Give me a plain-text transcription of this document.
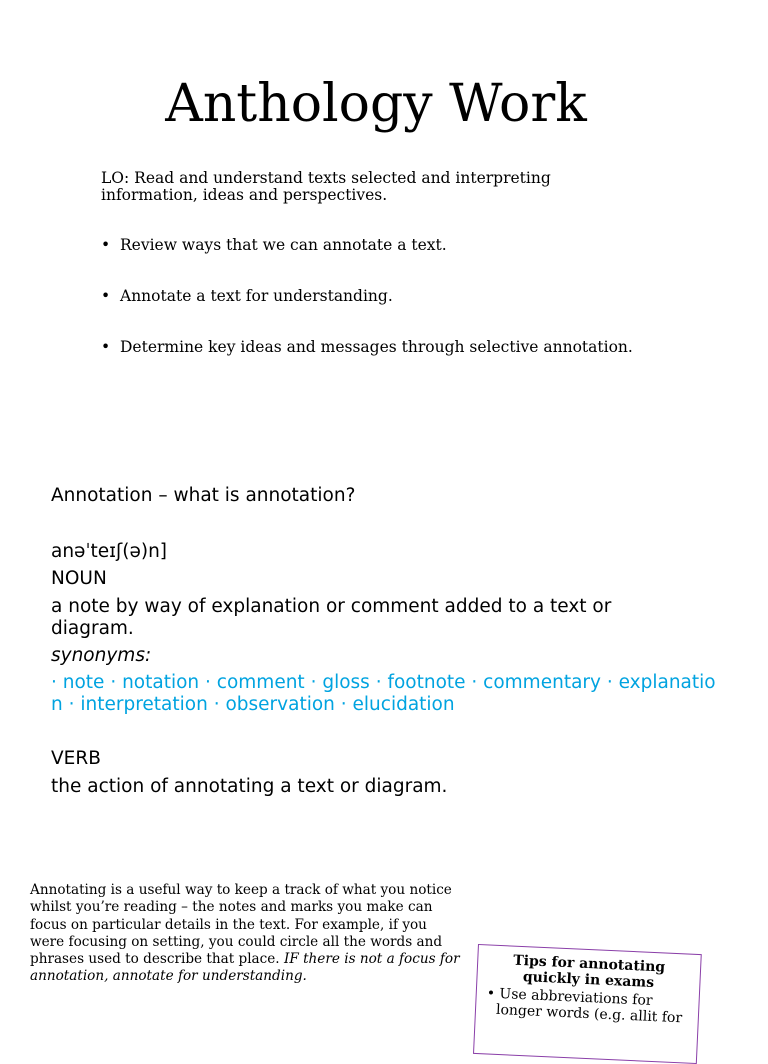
Anthology Work
LO: Read and understand texts selected and interpreting information, ideas and perspectives.
• Review ways that we can annotate a text.
• Annotate a text for understanding.
• Determine key ideas and messages through selective annotation.
Annotation – what is annotation?
anəˈteɪʃ(ə)n]
NOUN
a note by way of explanation or comment added to a text or diagram.
synonyms:
· note · notation · comment · gloss · footnote · commentary · explanation · interpretation · observation · elucidation
VERB
the action of annotating a text or diagram.
Annotating is a useful way to keep a track of what you notice whilst you’re reading – the notes and marks you make can focus on particular details in the text. For example, if you were focusing on setting, you could circle all the words and phrases used to describe that place. IF there is not a focus for annotation, annotate for understanding.
Tips for annotating quickly in exams
• Use abbreviations for longer words (e.g. allit for
